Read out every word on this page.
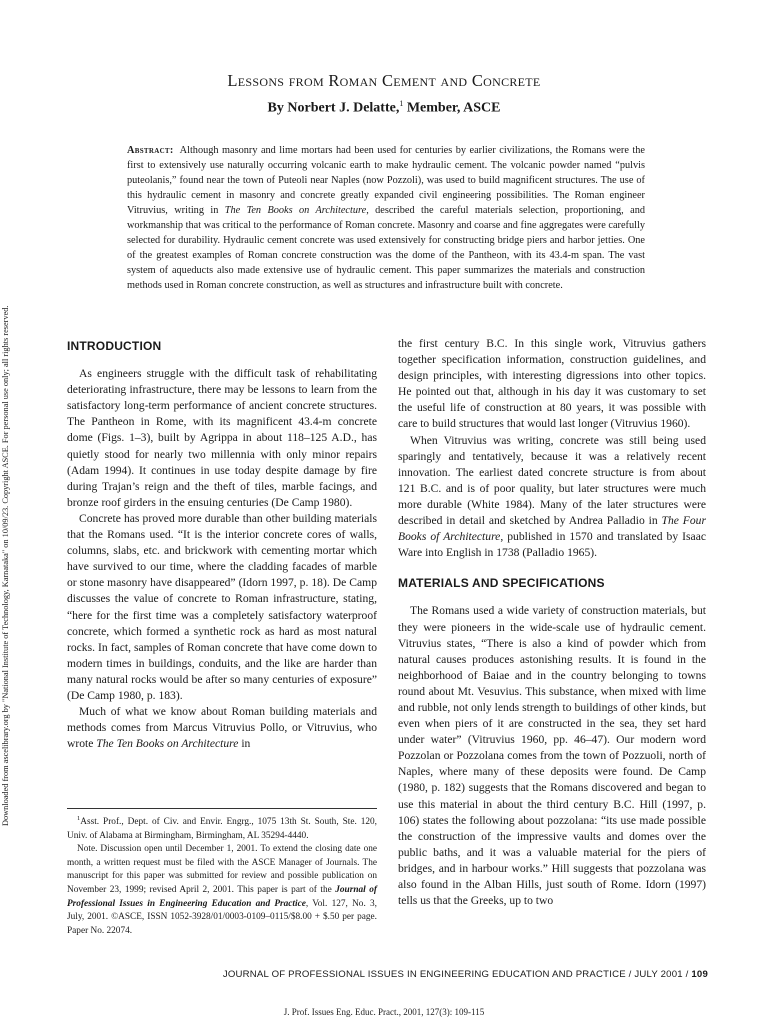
Downloaded from ascelibrary.org by "National Institute of Technology, Karnataka" on 10/09/23. Copyright ASCE. For personal use only; all rights reserved.
Lessons from Roman Cement and Concrete
By Norbert J. Delatte,$^1$ Member, ASCE

Abstract: Although masonry and lime mortars had been used for centuries by earlier civilizations, the Romans were the first to extensively use naturally occurring volcanic earth to make hydraulic cement. The volcanic powder named “pulvis puteolanis,” found near the town of Puteoli near Naples (now Pozzoli), was used to build magnificent structures. The use of this hydraulic cement in masonry and concrete greatly expanded civil engineering possibilities. The Roman engineer Vitruvius, writing in The Ten Books on Architecture, described the careful materials selection, proportioning, and workmanship that was critical to the performance of Roman concrete. Masonry and coarse and fine aggregates were carefully selected for durability. Hydraulic cement concrete was used extensively for constructing bridge piers and harbor jetties. One of the greatest examples of Roman concrete construction was the dome of the Pantheon, with its 43.4-m span. The vast system of aqueducts also made extensive use of hydraulic cement. This paper summarizes the materials and construction methods used in Roman concrete construction, as well as structures and infrastructure built with concrete.

INTRODUCTION

As engineers struggle with the difficult task of rehabilitating deteriorating infrastructure, there may be lessons to learn from the satisfactory long-term performance of ancient concrete structures. The Pantheon in Rome, with its magnificent 43.4-m concrete dome (Figs. 1–3), built by Agrippa in about 118–125 A.D., has quietly stood for nearly two millennia with only minor repairs (Adam 1994). It continues in use today despite damage by fire during Trajan’s reign and the theft of tiles, marble facings, and bronze roof girders in the ensuing centuries (De Camp 1980).

Concrete has proved more durable than other building materials that the Romans used. “It is the interior concrete cores of walls, columns, slabs, etc. and brickwork with cementing mortar which have survived to our time, where the cladding facades of marble or stone masonry have disappeared” (Idorn 1997, p. 18). De Camp discusses the value of concrete to Roman infrastructure, stating, “here for the first time was a completely satisfactory waterproof concrete, which formed a synthetic rock as hard as most natural rocks. In fact, samples of Roman concrete that have come down to modern times in buildings, conduits, and the like are harder than many natural rocks would be after so many centuries of exposure” (De Camp 1980, p. 183).

Much of what we know about Roman building materials and methods comes from Marcus Vitruvius Pollo, or Vitruvius, who wrote The Ten Books on Architecture in

$^1$Asst. Prof., Dept. of Civ. and Envir. Engrg., 1075 13th St. South, Ste. 120, Univ. of Alabama at Birmingham, Birmingham, AL 35294-4440.

Note. Discussion open until December 1, 2001. To extend the closing date one month, a written request must be filed with the ASCE Manager of Journals. The manuscript for this paper was submitted for review and possible publication on November 23, 1999; revised April 2, 2001. This paper is part of the Journal of Professional Issues in Engineering Education and Practice, Vol. 127, No. 3, July, 2001. ©ASCE, ISSN 1052-3928/01/0003-0109–0115/$8.00 + $.50 per page. Paper No. 22074.

the first century B.C. In this single work, Vitruvius gathers together specification information, construction guidelines, and design principles, with interesting digressions into other topics. He pointed out that, although in his day it was customary to set the useful life of construction at 80 years, it was possible with care to build structures that would last longer (Vitruvius 1960).

When Vitruvius was writing, concrete was still being used sparingly and tentatively, because it was a relatively recent innovation. The earliest dated concrete structure is from about 121 B.C. and is of poor quality, but later structures were much more durable (White 1984). Many of the later structures were described in detail and sketched by Andrea Palladio in The Four Books of Architecture, published in 1570 and translated by Isaac Ware into English in 1738 (Palladio 1965).

MATERIALS AND SPECIFICATIONS

The Romans used a wide variety of construction materials, but they were pioneers in the wide-scale use of hydraulic cement. Vitruvius states, “There is also a kind of powder which from natural causes produces astonishing results. It is found in the neighborhood of Baiae and in the country belonging to towns round about Mt. Vesuvius. This substance, when mixed with lime and rubble, not only lends strength to buildings of other kinds, but even when piers of it are constructed in the sea, they set hard under water” (Vitruvius 1960, pp. 46–47). Our modern word Pozzolan or Pozzolana comes from the town of Pozzuoli, north of Naples, where many of these deposits were found. De Camp (1980, p. 182) suggests that the Romans discovered and began to use this material in about the third century B.C. Hill (1997, p. 106) states the following about pozzolana: “its use made possible the construction of the impressive vaults and domes over the public baths, and it was a valuable material for the piers of bridges, and in harbour works.” Hill suggests that pozzolana was also found in the Alban Hills, just south of Rome. Idorn (1997) tells us that the Greeks, up to two

JOURNAL OF PROFESSIONAL ISSUES IN ENGINEERING EDUCATION AND PRACTICE / JULY 2001 / 109
J. Prof. Issues Eng. Educ. Pract., 2001, 127(3): 109-115
